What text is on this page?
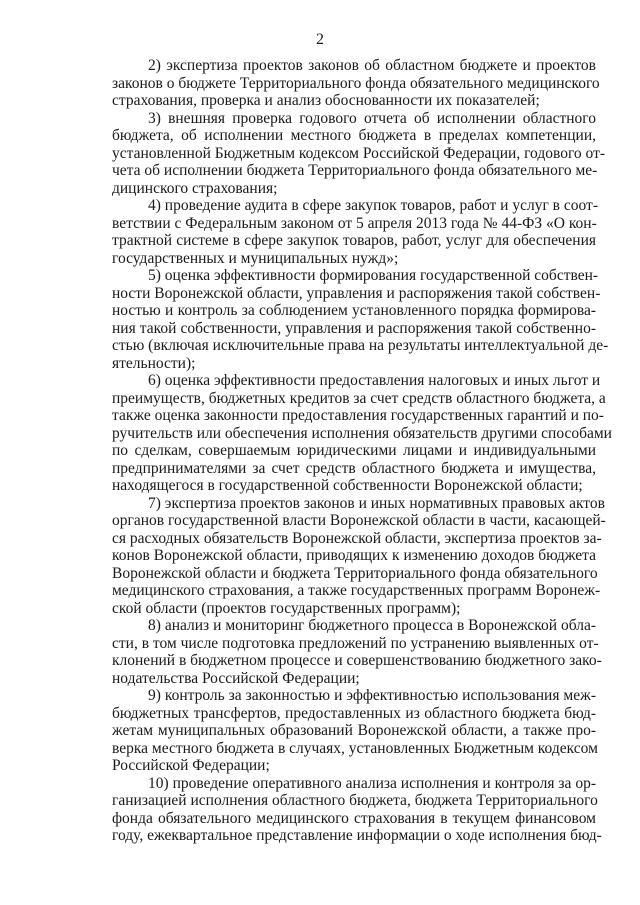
2

2) экспертиза проектов законов об областном бюджете и проектов
законов о бюджете Территориального фонда обязательного медицинского
страхования, проверка и анализ обоснованности их показателей;

3) внешняя проверка годового отчета об исполнении областного
бюджета, об исполнении местного бюджета в пределах компетенции,
установленной Бюджетным кодексом Российской Федерации, годового от-
чета об исполнении бюджета Территориального фонда обязательного ме-
дицинского страхования;

4) проведение аудита в сфере закупок товаров, работ и услуг в соот-
ветствии с Федеральным законом от 5 апреля 2013 года № 44-ФЗ «О кон-
трактной системе в сфере закупок товаров, работ, услуг для обеспечения
государственных и муниципальных нужд»;

5) оценка эффективности формирования государственной собствен-
ности Воронежской области, управления и распоряжения такой собствен-
ностью и контроль за соблюдением установленного порядка формирова-
ния такой собственности, управления и распоряжения такой собственно-
стью (включая исключительные права на результаты интеллектуальной де-
ятельности);

6) оценка эффективности предоставления налоговых и иных льгот и
преимуществ, бюджетных кредитов за счет средств областного бюджета, а
также оценка законности предоставления государственных гарантий и по-
ручительств или обеспечения исполнения обязательств другими способами
по сделкам, совершаемым юридическими лицами и индивидуальными
предпринимателями за счет средств областного бюджета и имущества,
находящегося в государственной собственности Воронежской области;

7) экспертиза проектов законов и иных нормативных правовых актов
органов государственной власти Воронежской области в части, касающей-
ся расходных обязательств Воронежской области, экспертиза проектов за-
конов Воронежской области, приводящих к изменению доходов бюджета
Воронежской области и бюджета Территориального фонда обязательного
медицинского страхования, а также государственных программ Воронеж-
ской области (проектов государственных программ);

8) анализ и мониторинг бюджетного процесса в Воронежской обла-
сти, в том числе подготовка предложений по устранению выявленных от-
клонений в бюджетном процессе и совершенствованию бюджетного зако-
нодательства Российской Федерации;

9) контроль за законностью и эффективностью использования меж-
бюджетных трансфертов, предоставленных из областного бюджета бюд-
жетам муниципальных образований Воронежской области, а также про-
верка местного бюджета в случаях, установленных Бюджетным кодексом
Российской Федерации;

10) проведение оперативного анализа исполнения и контроля за ор-
ганизацией исполнения областного бюджета, бюджета Территориального
фонда обязательного медицинского страхования в текущем финансовом
году, ежеквартальное представление информации о ходе исполнения бюд-
